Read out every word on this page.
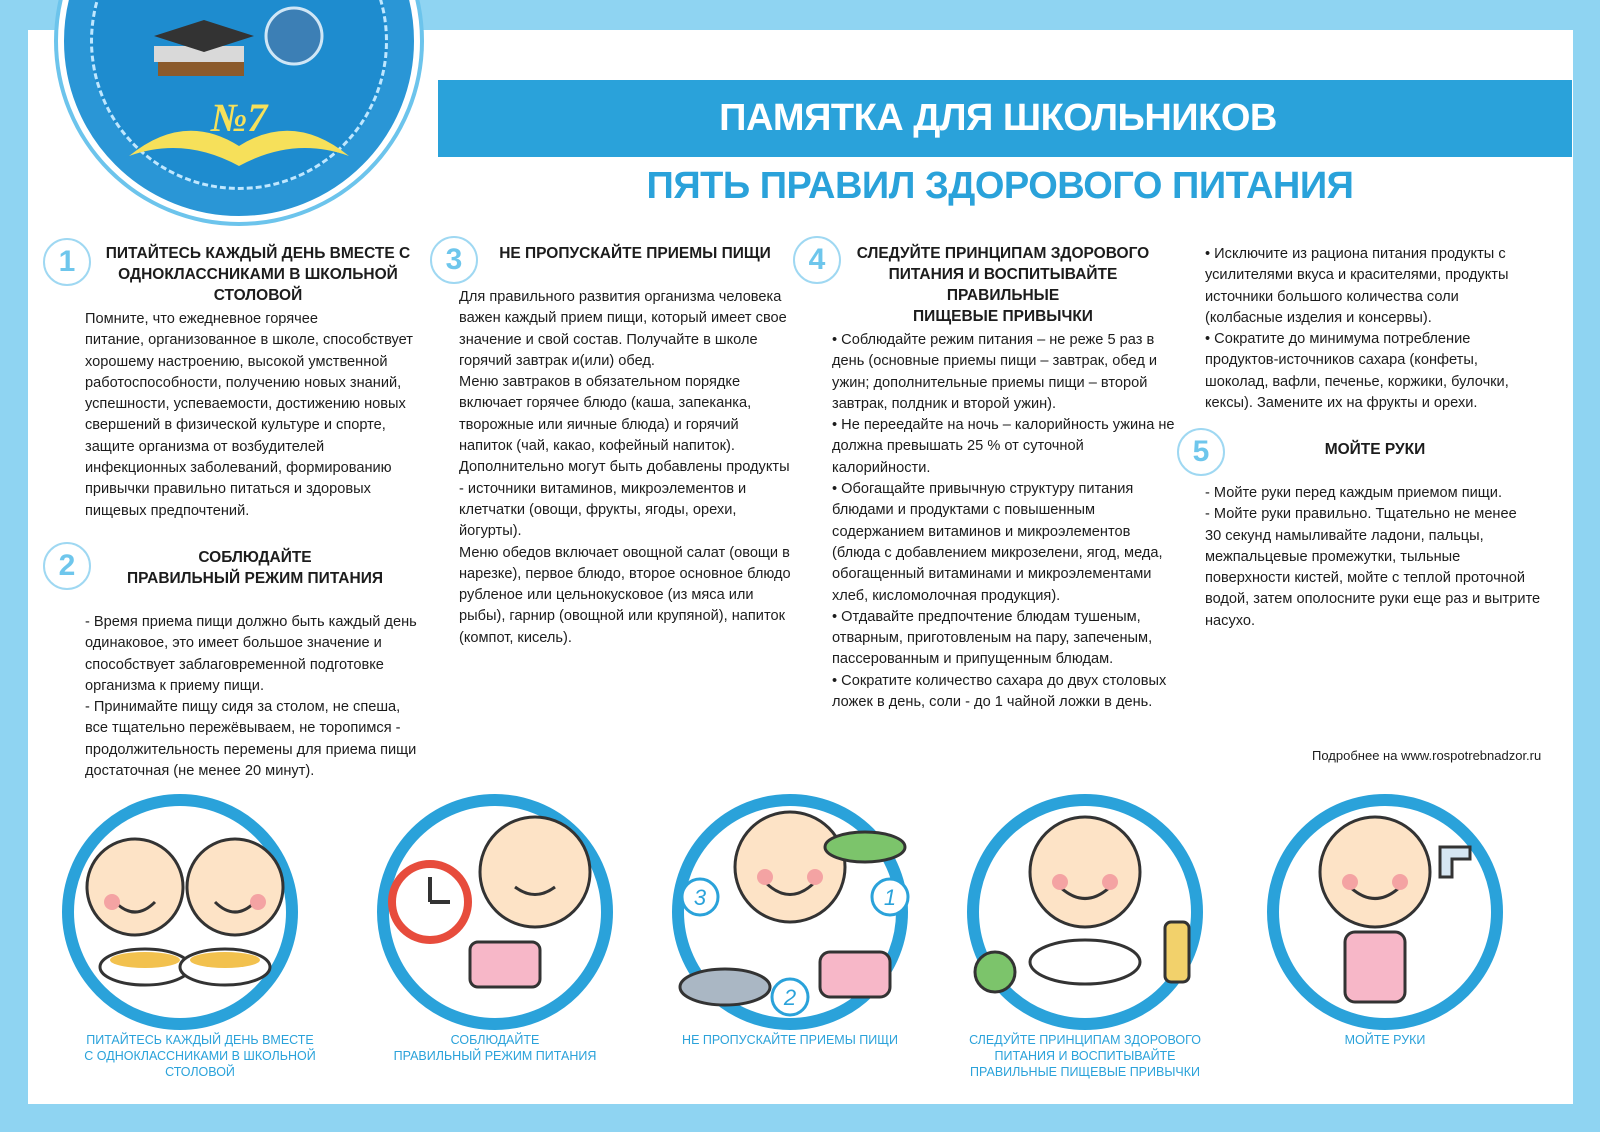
№7	ПАМЯТКА ДЛЯ ШКОЛЬНИКОВ
ПЯТЬ ПРАВИЛ ЗДОРОВОГО ПИТАНИЯ
1	ПИТАЙТЕСЬ КАЖДЫЙ ДЕНЬ ВМЕСТЕ С
ОДНОКЛАССНИКАМИ В ШКОЛЬНОЙ СТОЛОВОЙ
Помните, что ежедневное горячее
питание, организованное в школе, способствует
хорошему настроению, высокой умственной
работоспособности, получению новых знаний,
успешности, успеваемости, достижению новых
свершений в физической культуре и спорте,
защите организма от возбудителей
инфекционных заболеваний, формированию
привычки правильно питаться и здоровых
пищевых предпочтений.
2	СОБЛЮДАЙТЕ
ПРАВИЛЬНЫЙ РЕЖИМ ПИТАНИЯ
- Время приема пищи должно быть каждый день
одинаковое, это имеет большое значение и
способствует заблаговременной подготовке
организма к приему пищи.
- Принимайте пищу сидя за столом, не спеша,
все тщательно пережёвываем, не торопимся -
продолжительность перемены для приема пищи
достаточная (не менее 20 минут).
3	НЕ ПРОПУСКАЙТЕ ПРИЕМЫ ПИЩИ
Для правильного развития организма человека
важен каждый прием пищи, который имеет свое
значение и свой состав. Получайте в школе
горячий завтрак и(или) обед.
Меню завтраков в обязательном порядке
включает горячее блюдо (каша, запеканка,
творожные или яичные блюда) и горячий
напиток (чай, какао, кофейный напиток).
Дополнительно могут быть добавлены продукты
- источники витаминов, микроэлементов и
клетчатки (овощи, фрукты, ягоды, орехи,
йогурты).
Меню обедов включает овощной салат (овощи в
нарезке), первое блюдо, второе основное блюдо
рубленое или цельнокусковое (из мяса или
рыбы), гарнир (овощной или крупяной), напиток
(компот, кисель).
4	СЛЕДУЙТЕ ПРИНЦИПАМ ЗДОРОВОГО
ПИТАНИЯ И ВОСПИТЫВАЙТЕ ПРАВИЛЬНЫЕ
ПИЩЕВЫЕ ПРИВЫЧКИ
• Соблюдайте режим питания – не реже 5 раз в
день (основные приемы пищи – завтрак, обед и
ужин; дополнительные приемы пищи – второй
завтрак, полдник и второй ужин).
• Не переедайте на ночь – калорийность ужина не
должна превышать 25 % от суточной
калорийности.
• Обогащайте привычную структуру питания
блюдами и продуктами с повышенным
содержанием витаминов и микроэлементов
(блюда с добавлением микрозелени, ягод, меда,
обогащенный витаминами и микроэлементами
хлеб, кисломолочная продукция).
• Отдавайте предпочтение блюдам тушеным,
отварным, приготовленым на пару, запеченым,
пассерованным и припущенным блюдам.
• Сократите количество сахара до двух столовых
ложек в день, соли - до 1 чайной ложки в день.
• Исключите из рациона питания продукты с
усилителями вкуса и красителями, продукты
источники большого количества соли
(колбасные изделия и консервы).
• Сократите до минимума потребление
продуктов-источников сахара (конфеты,
шоколад, вафли, печенье, коржики, булочки,
кексы). Замените их на фрукты и орехи.
5	МОЙТЕ РУКИ
- Мойте руки перед каждым приемом пищи.
- Мойте руки правильно. Тщательно не менее
30 секунд намыливайте ладони, пальцы,
межпальцевые промежутки, тыльные
поверхности кистей, мойте с теплой проточной
водой, затем ополосните руки еще раз и вытрите
насухо.
Подробнее на www.rospotrebnadzor.ru
3	1
2
ПИТАЙТЕСЬ КАЖДЫЙ ДЕНЬ ВМЕСТЕ
С ОДНОКЛАССНИКАМИ В ШКОЛЬНОЙ
СТОЛОВОЙ
СОБЛЮДАЙТЕ
ПРАВИЛЬНЫЙ РЕЖИМ ПИТАНИЯ
НЕ ПРОПУСКАЙТЕ ПРИЕМЫ ПИЩИ	СЛЕДУЙТЕ ПРИНЦИПАМ ЗДОРОВОГО
ПИТАНИЯ И ВОСПИТЫВАЙТЕ
ПРАВИЛЬНЫЕ ПИЩЕВЫЕ ПРИВЫЧКИ
МОЙТЕ РУКИ
